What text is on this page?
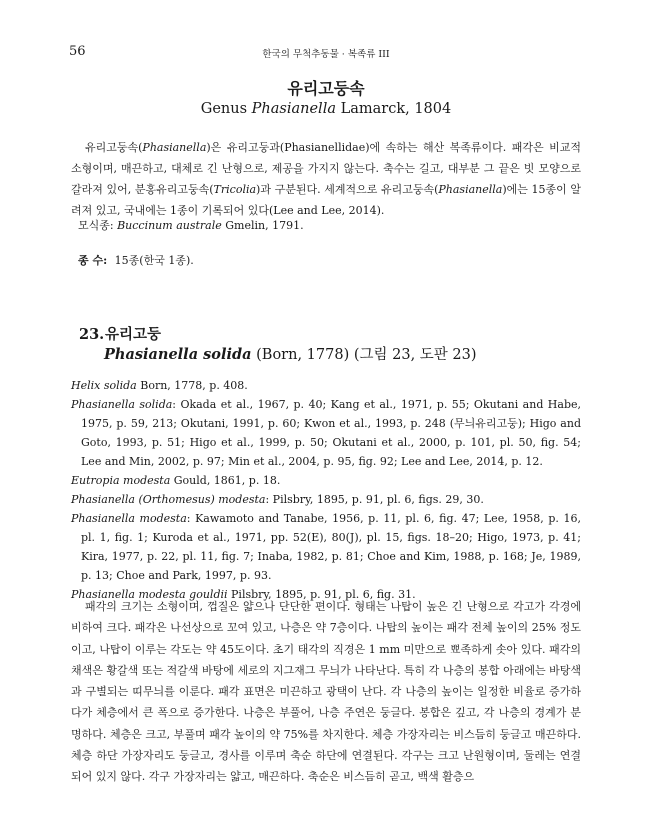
56	한국의 무척추동물 · 복족류 III
유리고둥속
Genus Phasianella Lamarck, 1804
유리고둥속(Phasianella)은 유리고둥과(Phasianellidae)에 속하는 해산 복족류이다. 패각은 비교적 소형이며, 매끈하고, 대체로 긴 난형으로, 제공을 가지지 않는다. 축수는 길고, 대부분 그 끝은 빗 모양으로 갈라져 있어, 분홍유리고둥속(Tricolia)과 구분된다. 세계적으로 유리고둥속(Phasianella)에는 15종이 알려져 있고, 국내에는 1종이 기록되어 있다(Lee and Lee, 2014).
모식종: Buccinum australe Gmelin, 1791.
종 수: 15종(한국 1종).
23.유리고둥
Phasianella solida (Born, 1778) (그림 23, 도판 23)

Helix solida Born, 1778, p. 408.

Phasianella solida: Okada et al., 1967, p. 40; Kang et al., 1971, p. 55; Okutani and Habe, 1975, p. 59, 213; Okutani, 1991, p. 60; Kwon et al., 1993, p. 248 (무늬유리고둥); Higo and Goto, 1993, p. 51; Higo et al., 1999, p. 50; Okutani et al., 2000, p. 101, pl. 50, fig. 54; Lee and Min, 2002, p. 97; Min et al., 2004, p. 95, fig. 92; Lee and Lee, 2014, p. 12.

Eutropia modesta Gould, 1861, p. 18.

Phasianella (Orthomesus) modesta: Pilsbry, 1895, p. 91, pl. 6, figs. 29, 30.

Phasianella modesta: Kawamoto and Tanabe, 1956, p. 11, pl. 6, fig. 47; Lee, 1958, p. 16, pl. 1, fig. 1; Kuroda et al., 1971, pp. 52(E), 80(J), pl. 15, figs. 18–20; Higo, 1973, p. 41; Kira, 1977, p. 22, pl. 11, fig. 7; Inaba, 1982, p. 81; Choe and Kim, 1988, p. 168; Je, 1989, p. 13; Choe and Park, 1997, p. 93.

Phasianella modesta gouldii Pilsbry, 1895, p. 91, pl. 6, fig. 31.

패각의 크기는 소형이며, 껍질은 얇으나 단단한 편이다. 형태는 나탑이 높은 긴 난형으로 각고가 각경에 비하여 크다. 패각은 나선상으로 꼬여 있고, 나층은 약 7층이다. 나탑의 높이는 패각 전체 높이의 25% 정도이고, 나탑이 이루는 각도는 약 45도이다. 초기 태각의 직경은 1 mm 미만으로 뾰족하게 솟아 있다. 패각의 채색은 황갈색 또는 적갈색 바탕에 세로의 지그재그 무늬가 나타난다. 특히 각 나층의 봉합 아래에는 바탕색과 구별되는 띠무늬를 이룬다. 패각 표면은 미끈하고 광택이 난다. 각 나층의 높이는 일정한 비율로 증가하다가 체층에서 큰 폭으로 증가한다. 나층은 부풀어, 나층 주연은 둥글다. 봉합은 깊고, 각 나층의 경계가 분명하다. 체층은 크고, 부풀며 패각 높이의 약 75%를 차지한다. 체층 가장자리는 비스듬히 둥글고 매끈하다. 체층 하단 가장자리도 둥글고, 경사를 이루며 축순 하단에 연결된다. 각구는 크고 난원형이며, 둘레는 연결되어 있지 않다. 각구 가장자리는 얇고, 매끈하다. 축순은 비스듬히 곧고, 백색 활층으
